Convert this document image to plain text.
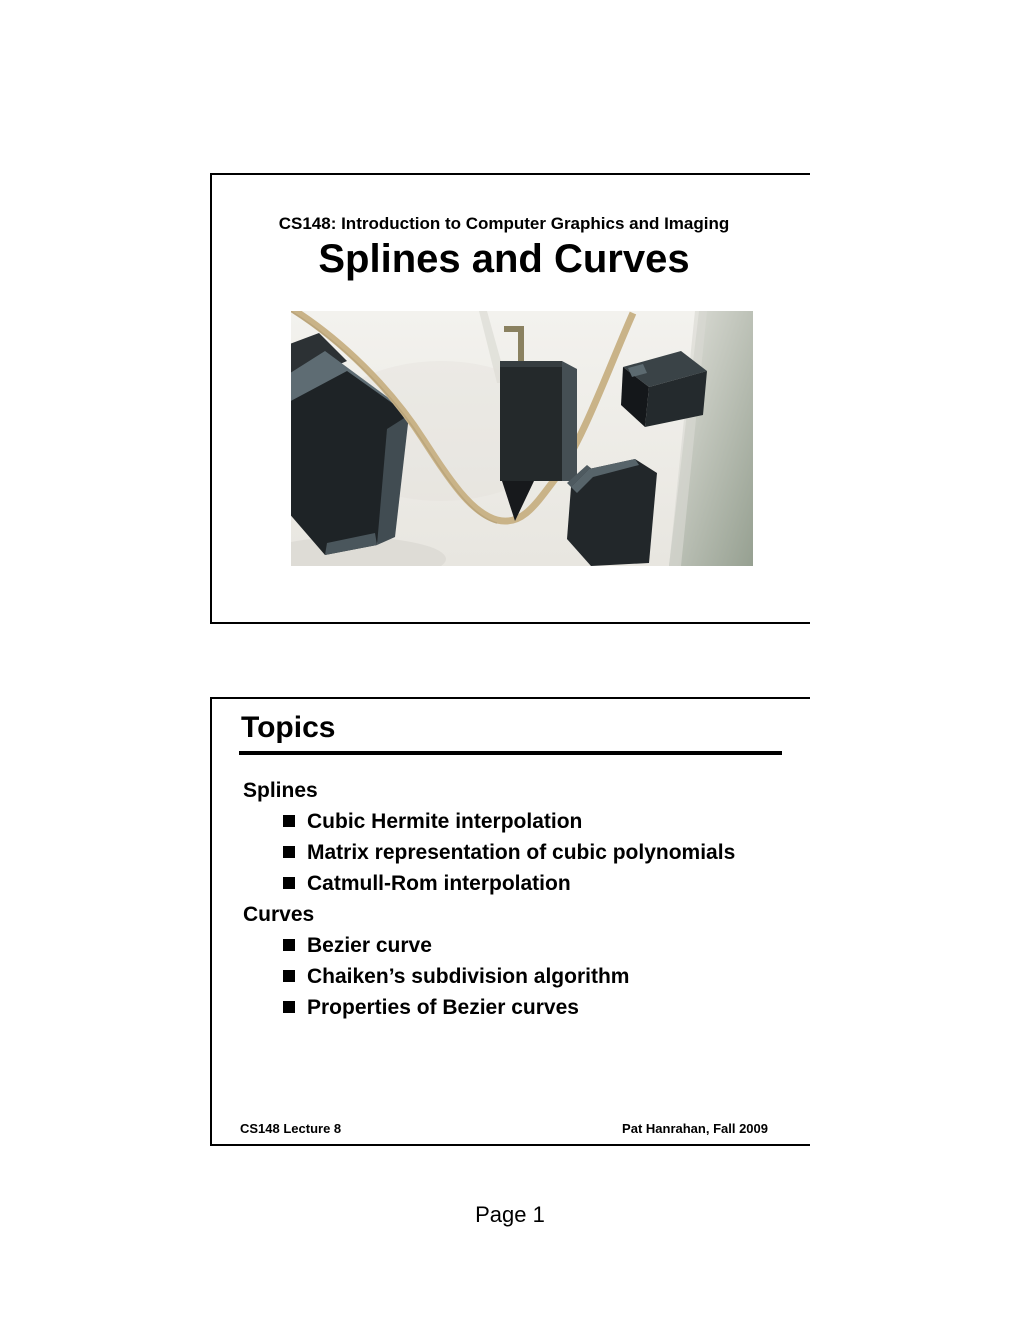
CS148: Introduction to Computer Graphics and Imaging
Splines and Curves
Topics
Splines
Cubic Hermite interpolation
Matrix representation of cubic polynomials
Catmull-Rom interpolation
Curves
Bezier curve
Chaiken’s subdivision algorithm
Properties of Bezier curves
CS148 Lecture 8	Pat Hanrahan, Fall 2009
Page 1
